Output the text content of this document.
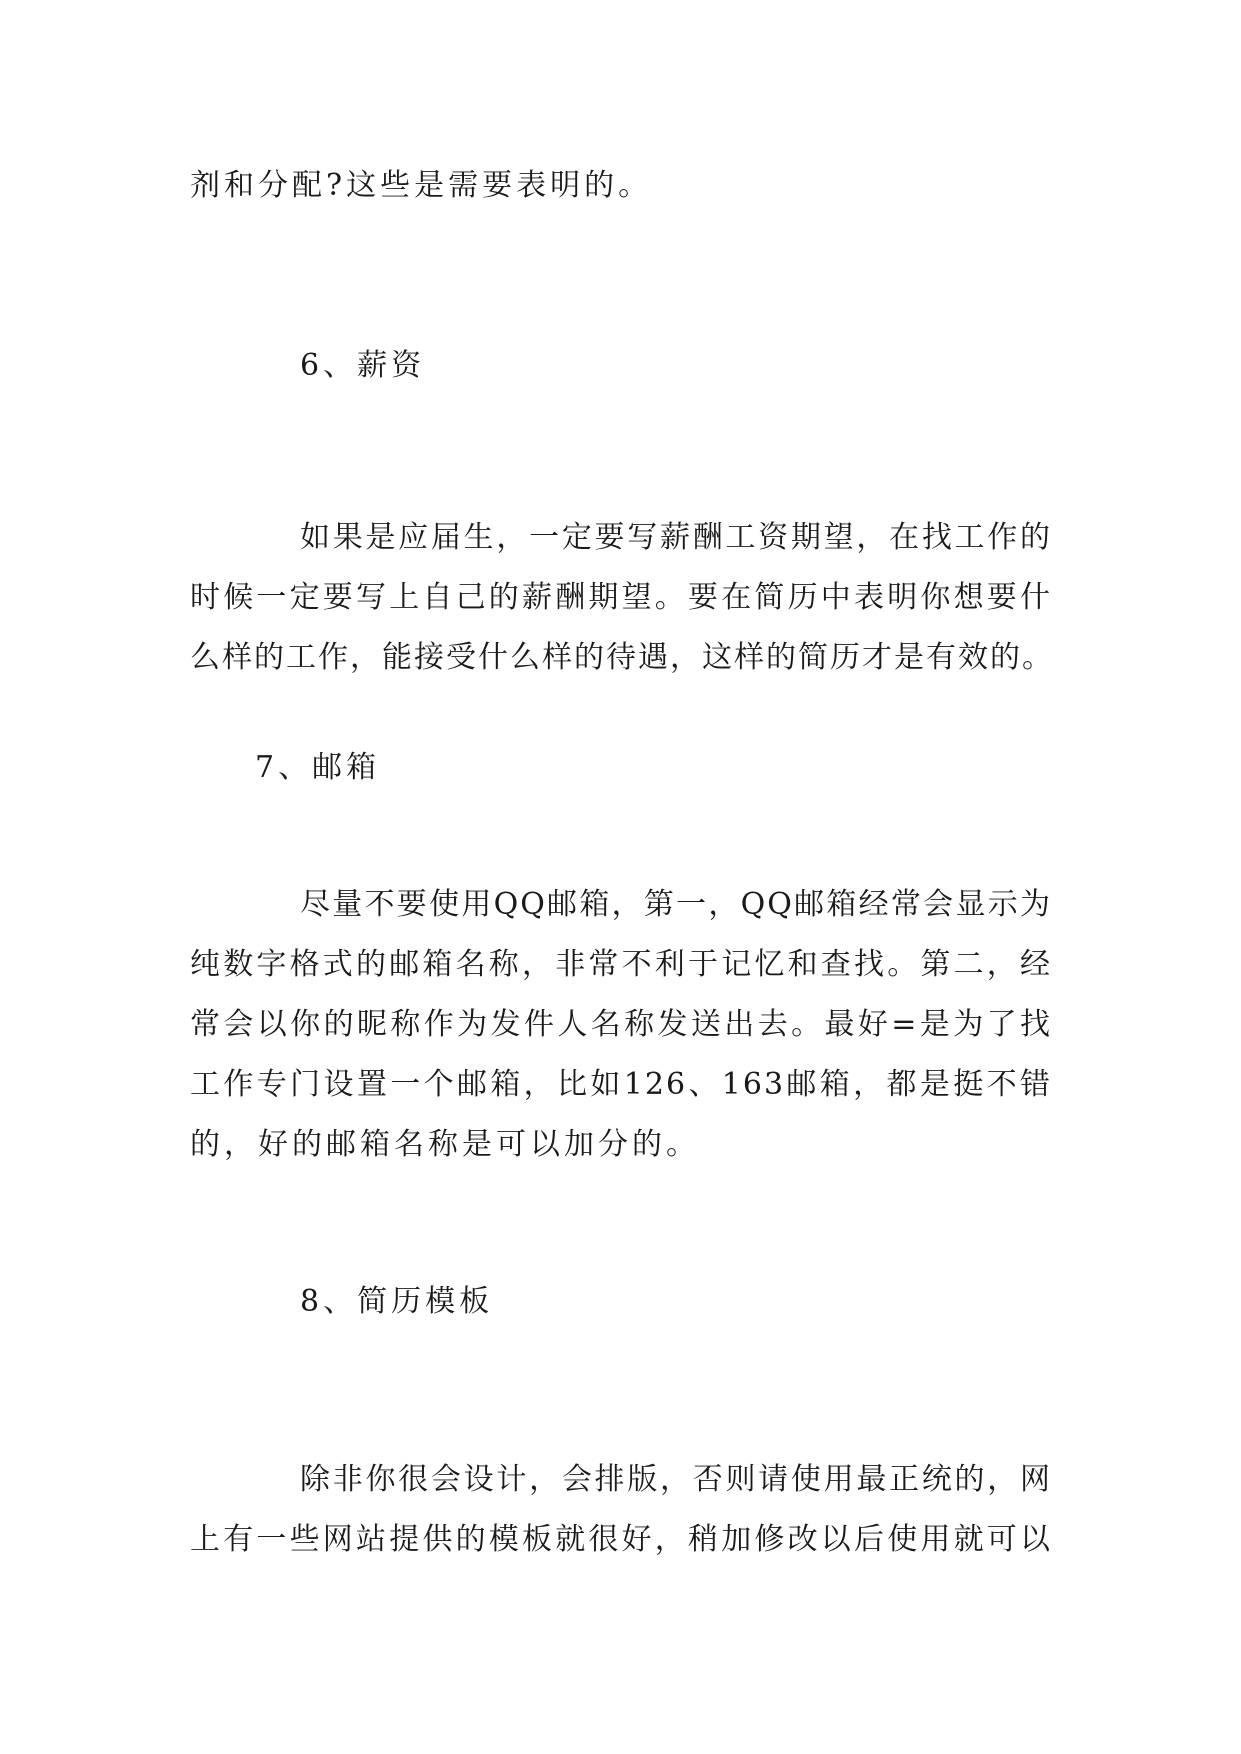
剂和分配?这些是需要表明的。
6、薪资
如果是应届生，一定要写薪酬工资期望，在找工作的
时候一定要写上自己的薪酬期望。要在简历中表明你想要什
么样的工作，能接受什么样的待遇，这样的简历才是有效的。
7、邮箱
尽量不要使用QQ邮箱，第一，QQ邮箱经常会显示为
纯数字格式的邮箱名称，非常不利于记忆和查找。第二，经
常会以你的昵称作为发件人名称发送出去。最好=是为了找
工作专门设置一个邮箱，比如126、163邮箱，都是挺不错
的，好的邮箱名称是可以加分的。
8、简历模板
除非你很会设计，会排版，否则请使用最正统的，网
上有一些网站提供的模板就很好，稍加修改以后使用就可以
